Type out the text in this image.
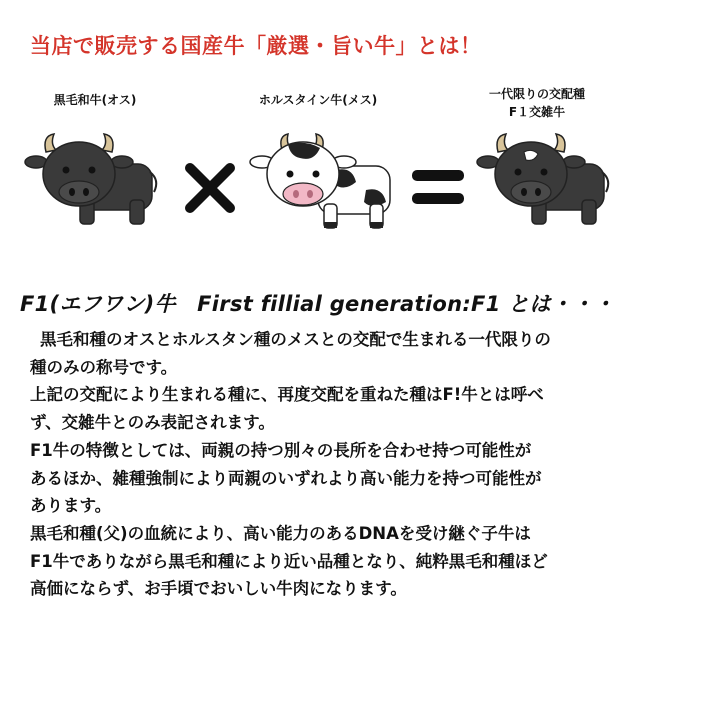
当店で販売する国産牛「厳選・旨い牛」とは！
黒毛和牛(オス)	ホルスタイン牛(メス)	一代限りの交配種
F１交雑牛
F1(エフワン)牛　First fillial generation:F1 とは・・・

黒毛和種のオスとホルスタン種のメスとの交配で生まれる一代限りの

種のみの称号です。

上記の交配により生まれる種に、再度交配を重ねた種はF!牛とは呼べ

ず、交雑牛とのみ表記されます。

F1牛の特徴としては、両親の持つ別々の長所を合わせ持つ可能性が

あるほか、雑種強制により両親のいずれより高い能力を持つ可能性が

あります。

黒毛和種(父)の血統により、高い能力のあるDNAを受け継ぐ子牛は

F1牛でありながら黒毛和種により近い品種となり、純粋黒毛和種ほど

高価にならず、お手頃でおいしい牛肉になります。
